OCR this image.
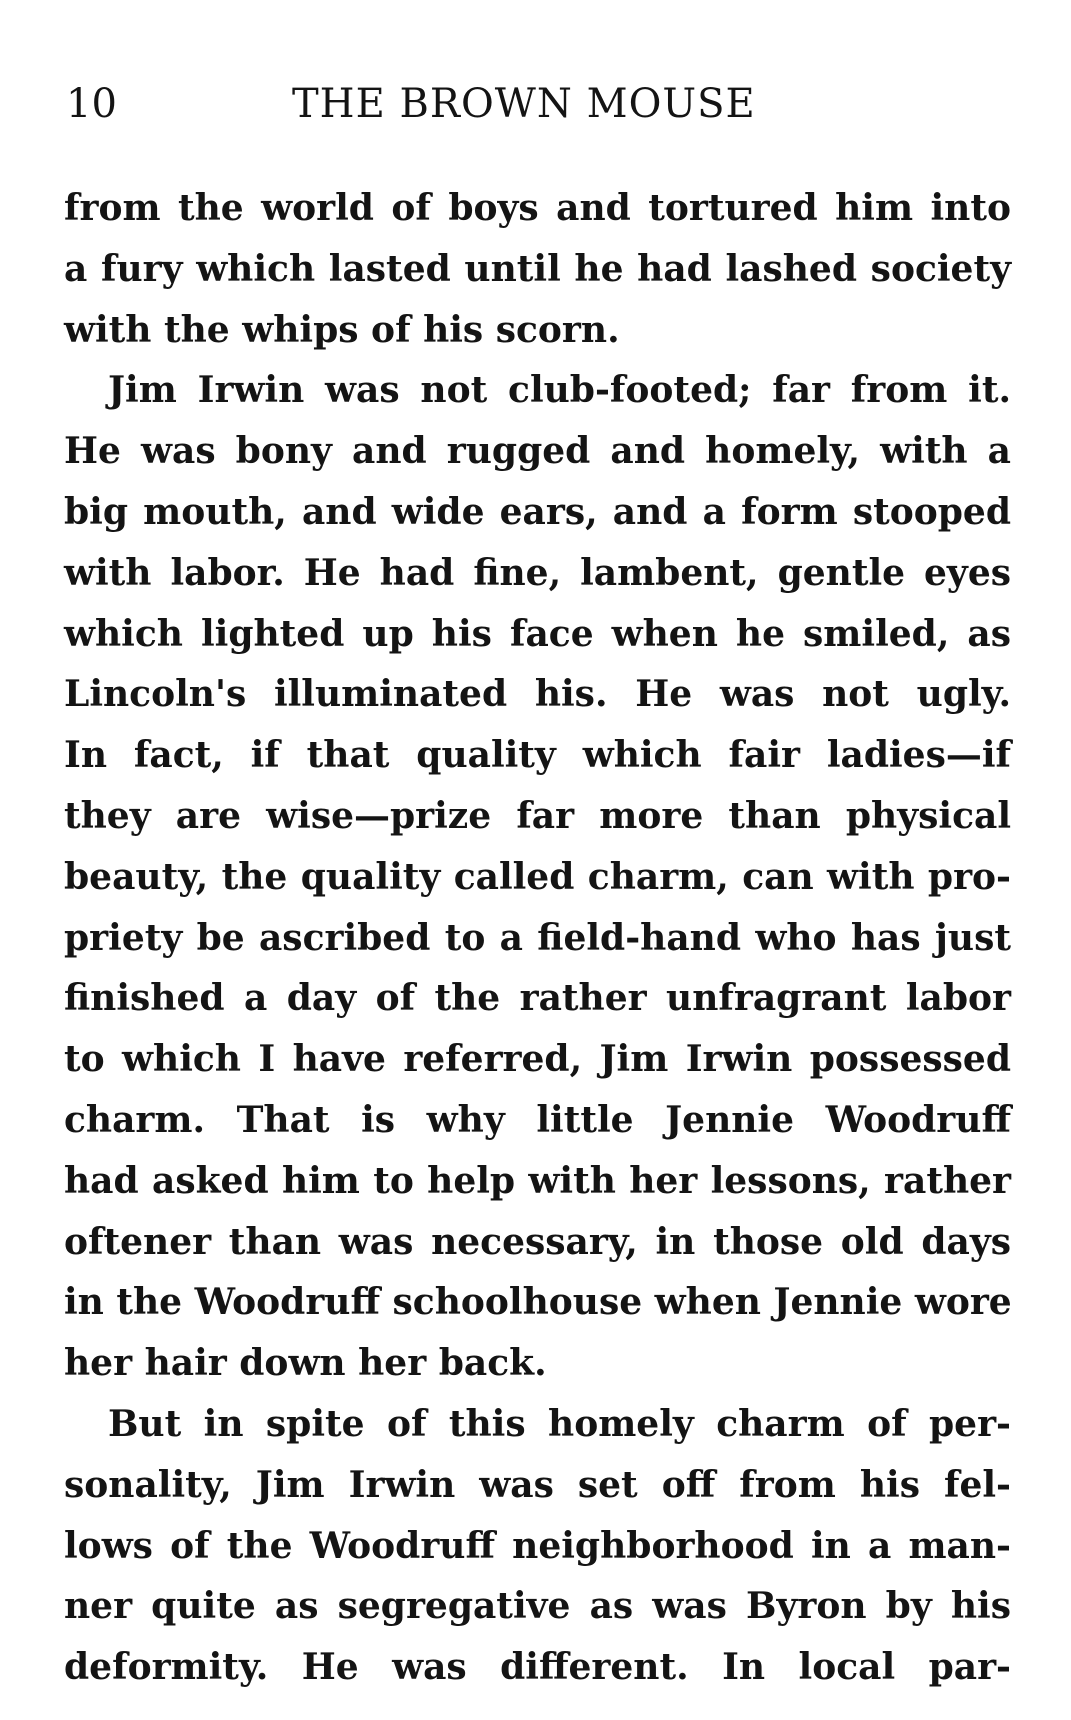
10	THE BROWN MOUSE
from the world of boys and tortured him into
a fury which lasted until he had lashed society
with the whips of his scorn.
Jim Irwin was not club-footed; far from it.
He was bony and rugged and homely, with a
big mouth, and wide ears, and a form stooped
with labor. He had fine, lambent, gentle eyes
which lighted up his face when he smiled, as
Lincoln's illuminated his. He was not ugly.
In fact, if that quality which fair ladies—if
they are wise—prize far more than physical
beauty, the quality called charm, can with pro-
priety be ascribed to a field-hand who has just
finished a day of the rather unfragrant labor
to which I have referred, Jim Irwin possessed
charm. That is why little Jennie Woodruff
had asked him to help with her lessons, rather
oftener than was necessary, in those old days
in the Woodruff schoolhouse when Jennie wore
her hair down her back.
But in spite of this homely charm of per-
sonality, Jim Irwin was set off from his fel-
lows of the Woodruff neighborhood in a man-
ner quite as segregative as was Byron by his
deformity. He was different. In local par-
